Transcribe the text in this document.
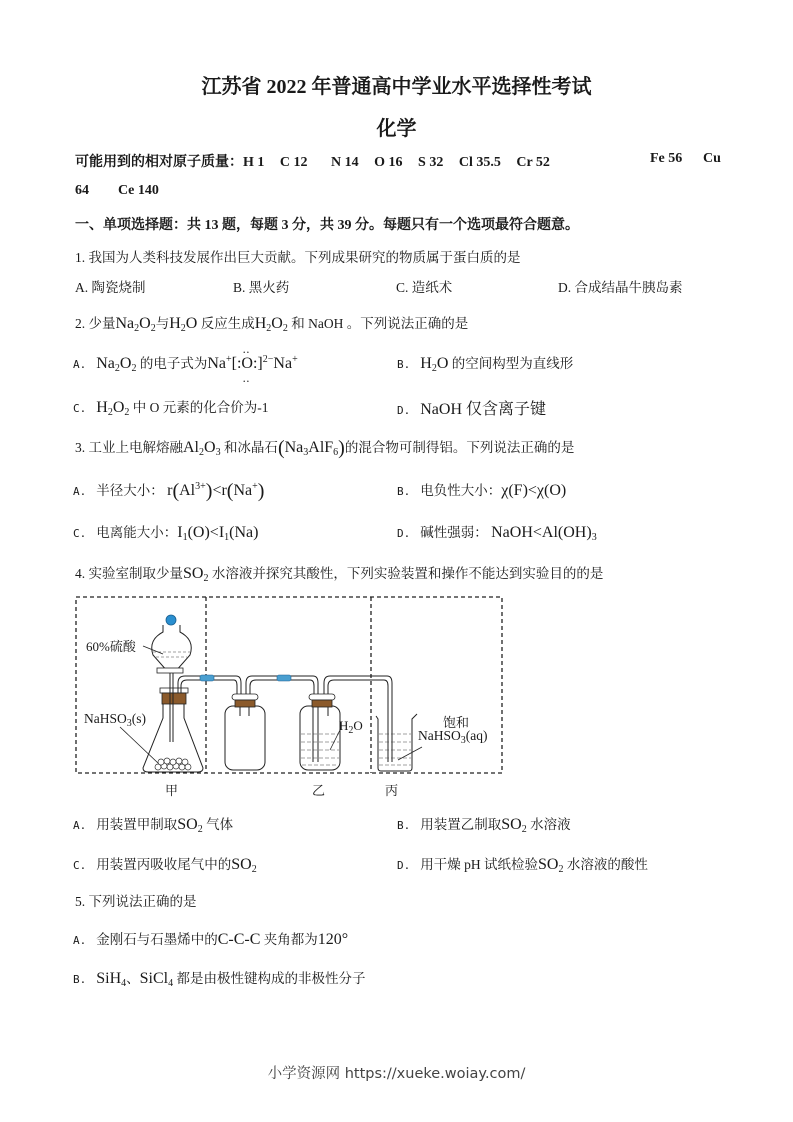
江苏省 2022 年普通高中学业水平选择性考试
化学
可能用到的相对原子质量：H 1 C 12 N 14 O 16 S 32 Cl 35.5 Cr 52	Fe 56 Cu
64 Ce 140
一、单项选择题：共 13 题，每题 3 分，共 39 分。每题只有一个选项最符合题意。
1. 我国为人类科技发展作出巨大贡献。下列成果研究的物质属于蛋白质的是
A. 陶瓷烧制	B. 黑火药	C. 造纸术	D. 合成结晶牛胰岛素
2. 少量$Na_2O_2$与$H_2O$ 反应生成$H_2O_2$ 和 NaOH 。下列说法正确的是
A. $Na_2O_2$ 的电子式为Na+[:‥ O ‥:]$^{2-}$Na+	B. $H_2O$ 的空间构型为直线形
C. $H_2O_2$ 中 O 元素的化合价为-1	D. NaOH 仅含离子键
3. 工业上电解熔融$Al_2O_3$ 和冰晶石$(Na_3AlF_6)$的混合物可制得铝。下列说法正确的是
A. 半径大小： $r(Al^{3+})<r(Na^+)$	B. 电负性大小：χ(F)<χ(O)
C. 电离能大小：$I_1(O)<I_1(Na)$	D. 碱性强弱： $NaOH<Al(OH)_3$
4. 实验室制取少量$SO_2$ 水溶液并探究其酸性，下列实验装置和操作不能达到实验目的的是
60%硫酸
NaHSO$_3$(s)	$H_2O$	饱和
NaHSO$_3$(aq)
甲	乙	丙
A. 用装置甲制取$SO_2$ 气体	B. 用装置乙制取$SO_2$ 水溶液
C. 用装置丙吸收尾气中的$SO_2$	D. 用干燥 pH 试纸检验$SO_2$ 水溶液的酸性
5. 下列说法正确的是
A. 金刚石与石墨烯中的C-C-C 夹角都为120°
B. SiH$_4$、SiCl$_4$ 都是由极性键构成的非极性分子
小学资源网 https://xueke.woiay.com/
